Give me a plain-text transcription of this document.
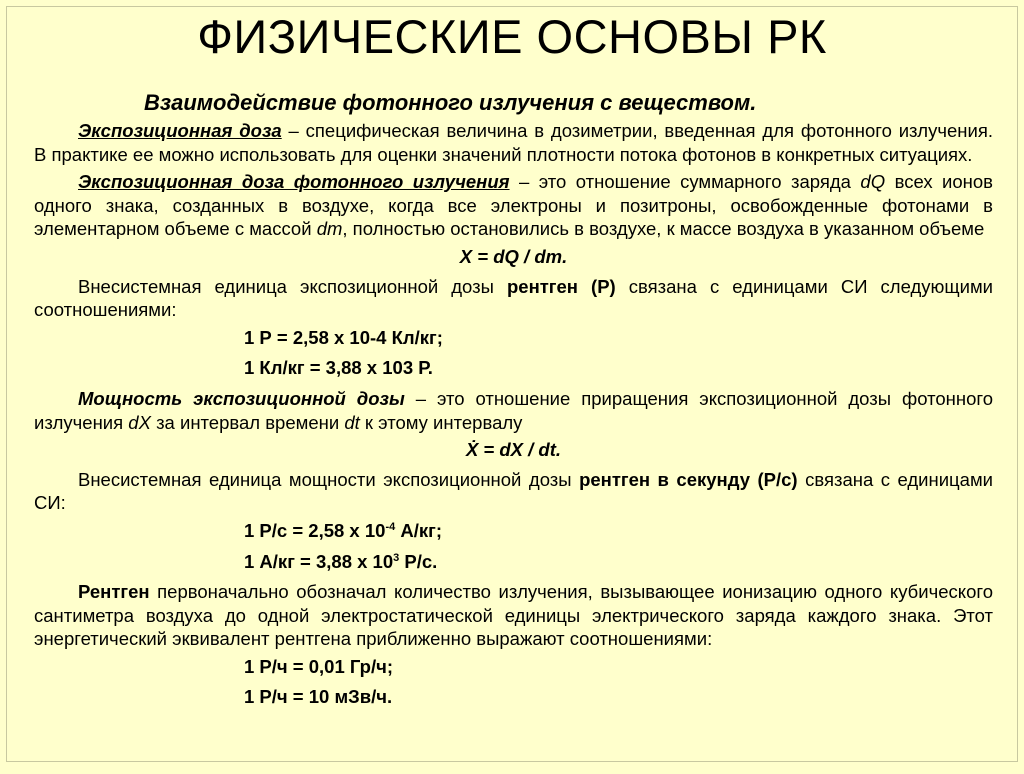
ФИЗИЧЕСКИЕ ОСНОВЫ РК
Взаимодействие фотонного излучения с веществом.
Экспозиционная доза – специфическая величина в дозиметрии, введенная для фотонного излучения. В практике ее можно использовать для оценки значений плотности потока фотонов в конкретных ситуациях.
Экспозиционная доза фотонного излучения – это отношение суммарного заряда dQ всех ионов одного знака, созданных в воздухе, когда все электроны и позитроны, освобожденные фотонами в элементарном объеме с массой dm, полностью остановились в воздухе, к массе воздуха в указанном объеме
X = dQ / dm.
Внесистемная единица экспозиционной дозы рентген (Р) связана с единицами СИ следующими соотношениями:
1 Р = 2,58 х 10-4 Кл/кг;
1 Кл/кг = 3,88 х 103 Р.
Мощность экспозиционной дозы – это отношение приращения экспозиционной дозы фотонного излучения dX за интервал времени dt к этому интервалу
Ẋ = dX / dt.
Внесистемная единица мощности экспозиционной дозы рентген в секунду (Р/с) связана с единицами СИ:
1 Р/с = 2,58 х $10^{-4}$ А/кг;
1 А/кг = 3,88 х $10^3$ Р/с.
Рентген первоначально обозначал количество излучения, вызывающее ионизацию одного кубического сантиметра воздуха до одной электростатической единицы электрического заряда каждого знака. Этот энергетический эквивалент рентгена приближенно выражают соотношениями:
1 Р/ч = 0,01 Гр/ч;
1 Р/ч = 10 мЗв/ч.
